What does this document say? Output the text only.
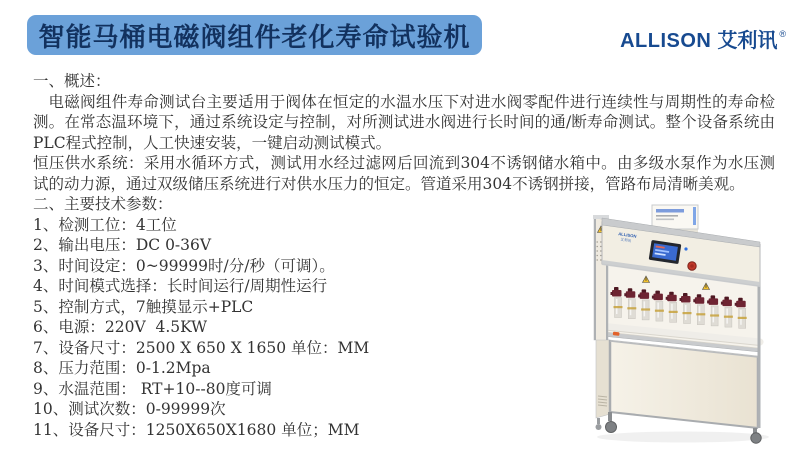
智能马桶电磁阀组件老化寿命试验机	ALLISON 艾利讯 ®
一、概述：

电磁阀组件寿命测试台主要适用于阀体在恒定的水温水压下对进水阀零配件进行连续性与周期性的寿命检测。在常态温环境下，通过系统设定与控制，对所测试进水阀进行长时间的通/断寿命测试。整个设备系统由PLC程式控制，人工快速安装，一键启动测试模式。

恒压供水系统：采用水循环方式，测试用水经过滤网后回流到304不诱钢储水箱中。由多级水泵作为水压测试的动力源，通过双级储压系统进行对供水压力的恒定。管道采用304不诱钢拼接，管路布局清晰美观。

二、主要技术参数：
1、检测工位：4工位
2、输出电压：DC 0-36V
3、时间设定：0~99999时/分/秒（可调）。
4、时间模式选择：长时间运行/周期性运行
5、控制方式，7触摸显示+PLC
6、电源：220V  4.5KW
7、设备尺寸：2500 X 650 X 1650 单位：MM
8、压力范围：0-1.2Mpa
9、水温范围： RT+10--80度可调
10、测试次数：0-99999次
11、设备尺寸：1250X650X1680 单位；MM
ALLISON
艾利讯
